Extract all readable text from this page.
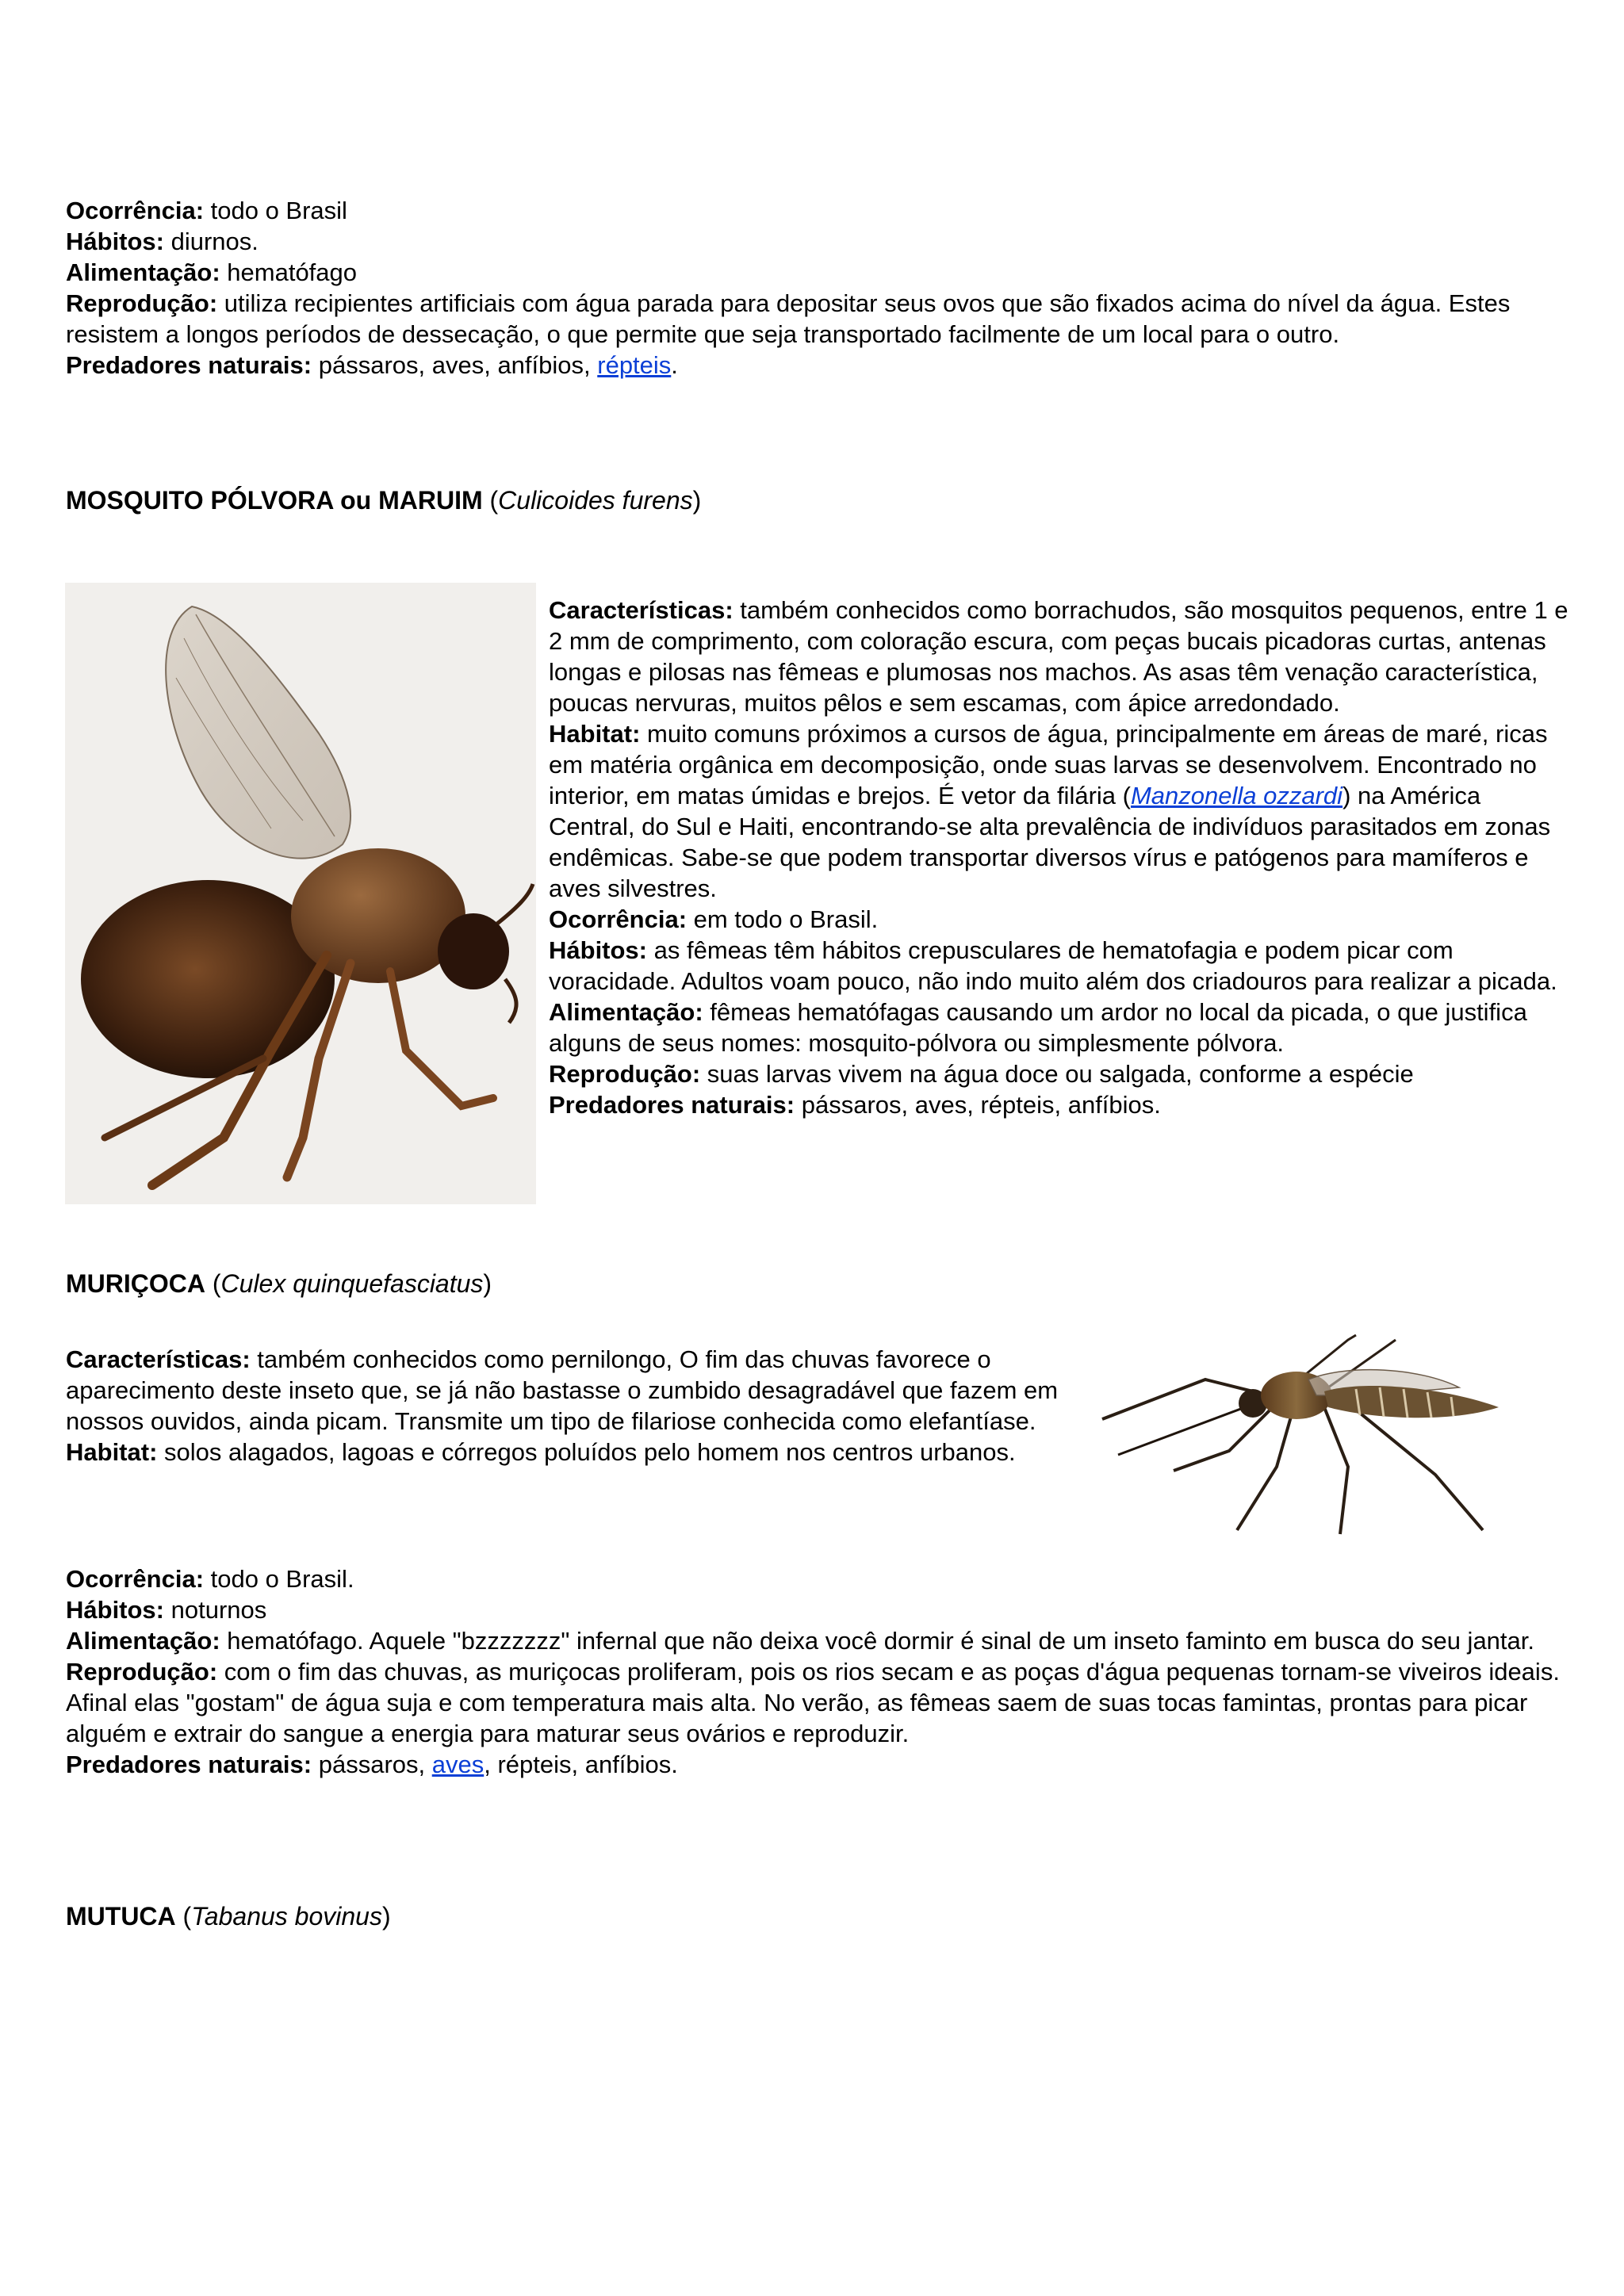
Ocorrência: todo o Brasil

Hábitos: diurnos.

Alimentação: hematófago

Reprodução: utiliza recipientes artificiais com água parada para depositar seus ovos que são fixados acima do nível da água. Estes resistem a longos períodos de dessecação, o que permite que seja transportado facilmente de um local para o outro.

Predadores naturais: pássaros, aves, anfíbios, répteis.

MOSQUITO PÓLVORA ou MARUIM (Culicoides furens)

Características: também conhecidos como borrachudos, são mosquitos pequenos, entre 1 e 2 mm de comprimento, com coloração escura, com peças bucais picadoras curtas, antenas longas e pilosas nas fêmeas e plumosas nos machos. As asas têm venação característica, poucas nervuras, muitos pêlos e sem escamas, com ápice arredondado.

Habitat: muito comuns próximos a cursos de água, principalmente em áreas de maré, ricas em matéria orgânica em decomposição, onde suas larvas se desenvolvem. Encontrado no interior, em matas úmidas e brejos. É vetor da filária (Manzonella ozzardi) na América Central, do Sul e Haiti, encontrando-se alta prevalência de indivíduos parasitados em zonas endêmicas. Sabe-se que podem transportar diversos vírus e patógenos para mamíferos e aves silvestres.

Ocorrência: em todo o Brasil.

Hábitos: as fêmeas têm hábitos crepusculares de hematofagia e podem picar com voracidade. Adultos voam pouco, não indo muito além dos criadouros para realizar a picada.

Alimentação: fêmeas hematófagas causando um ardor no local da picada, o que justifica alguns de seus nomes: mosquito-pólvora ou simplesmente pólvora.

Reprodução: suas larvas vivem na água doce ou salgada, conforme a espécie

Predadores naturais: pássaros, aves, répteis, anfíbios.

MURIÇOCA (Culex quinquefasciatus)

Características: também conhecidos como pernilongo, O fim das chuvas favorece o aparecimento deste inseto que, se já não bastasse o zumbido desagradável que fazem em nossos ouvidos, ainda picam. Transmite um tipo de filariose conhecida como elefantíase.

Habitat: solos alagados, lagoas e córregos poluídos pelo homem nos centros urbanos.

Ocorrência: todo o Brasil.

Hábitos: noturnos

Alimentação: hematófago. Aquele "bzzzzzzz" infernal que não deixa você dormir é sinal de um inseto faminto em busca do seu jantar.

Reprodução: com o fim das chuvas, as muriçocas proliferam, pois os rios secam e as poças d'água pequenas tornam-se viveiros ideais. Afinal elas "gostam" de água suja e com temperatura mais alta. No verão, as fêmeas saem de suas tocas famintas, prontas para picar alguém e extrair do sangue a energia para maturar seus ovários e reproduzir.

Predadores naturais: pássaros, aves, répteis, anfíbios.

MUTUCA (Tabanus bovinus)
